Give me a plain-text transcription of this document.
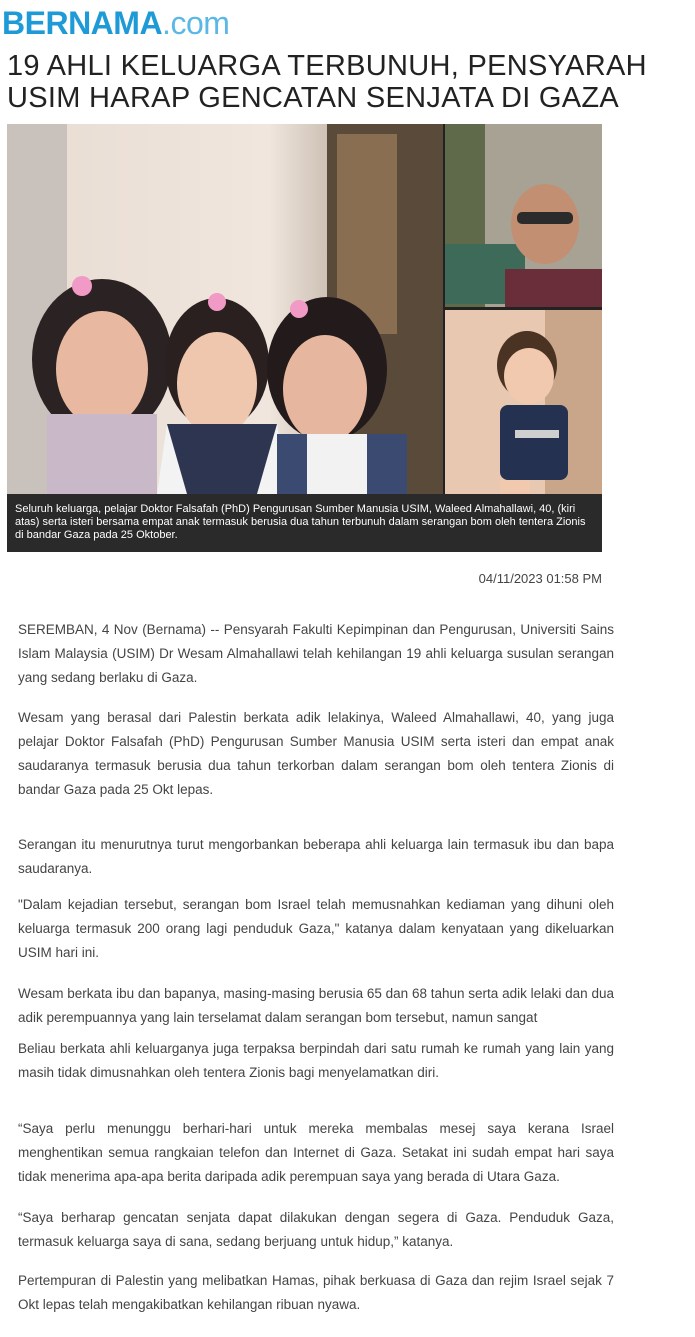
BERNAMA.com
19 AHLI KELUARGA TERBUNUH, PENSYARAH USIM HARAP GENCATAN SENJATA DI GAZA
Seluruh keluarga, pelajar Doktor Falsafah (PhD) Pengurusan Sumber Manusia USIM, Waleed Almahallawi, 40, (kiri atas) serta isteri bersama empat anak termasuk berusia dua tahun terbunuh dalam serangan bom oleh tentera Zionis di bandar Gaza pada 25 Oktober.
04/11/2023 01:58 PM

SEREMBAN, 4 Nov (Bernama) -- Pensyarah Fakulti Kepimpinan dan Pengurusan, Universiti Sains Islam Malaysia (USIM) Dr Wesam Almahallawi telah kehilangan 19 ahli keluarga susulan serangan yang sedang berlaku di Gaza.

Wesam yang berasal dari Palestin berkata adik lelakinya, Waleed Almahallawi, 40, yang juga pelajar Doktor Falsafah (PhD) Pengurusan Sumber Manusia USIM serta isteri dan empat anak saudaranya termasuk berusia dua tahun terkorban dalam serangan bom oleh tentera Zionis di bandar Gaza pada 25 Okt lepas.

Serangan itu menurutnya turut mengorbankan beberapa ahli keluarga lain termasuk ibu dan bapa saudaranya.

"Dalam kejadian tersebut, serangan bom Israel telah memusnahkan kediaman yang dihuni oleh keluarga termasuk 200 orang lagi penduduk Gaza," katanya dalam kenyataan yang dikeluarkan USIM hari ini.

Wesam berkata ibu dan bapanya, masing-masing berusia 65 dan 68 tahun serta adik lelaki dan dua adik perempuannya yang lain terselamat dalam serangan bom tersebut, namun sangat

Beliau berkata ahli keluarganya juga terpaksa berpindah dari satu rumah ke rumah yang lain yang masih tidak dimusnahkan oleh tentera Zionis bagi menyelamatkan diri.

“Saya perlu menunggu berhari-hari untuk mereka membalas mesej saya kerana Israel menghentikan semua rangkaian telefon dan Internet di Gaza. Setakat ini sudah empat hari saya tidak menerima apa-apa berita daripada adik perempuan saya yang berada di Utara Gaza.

“Saya berharap gencatan senjata dapat dilakukan dengan segera di Gaza. Penduduk Gaza, termasuk keluarga saya di sana, sedang berjuang untuk hidup,” katanya.

Pertempuran di Palestin yang melibatkan Hamas, pihak berkuasa di Gaza dan rejim Israel sejak 7 Okt lepas telah mengakibatkan kehilangan ribuan nyawa.
